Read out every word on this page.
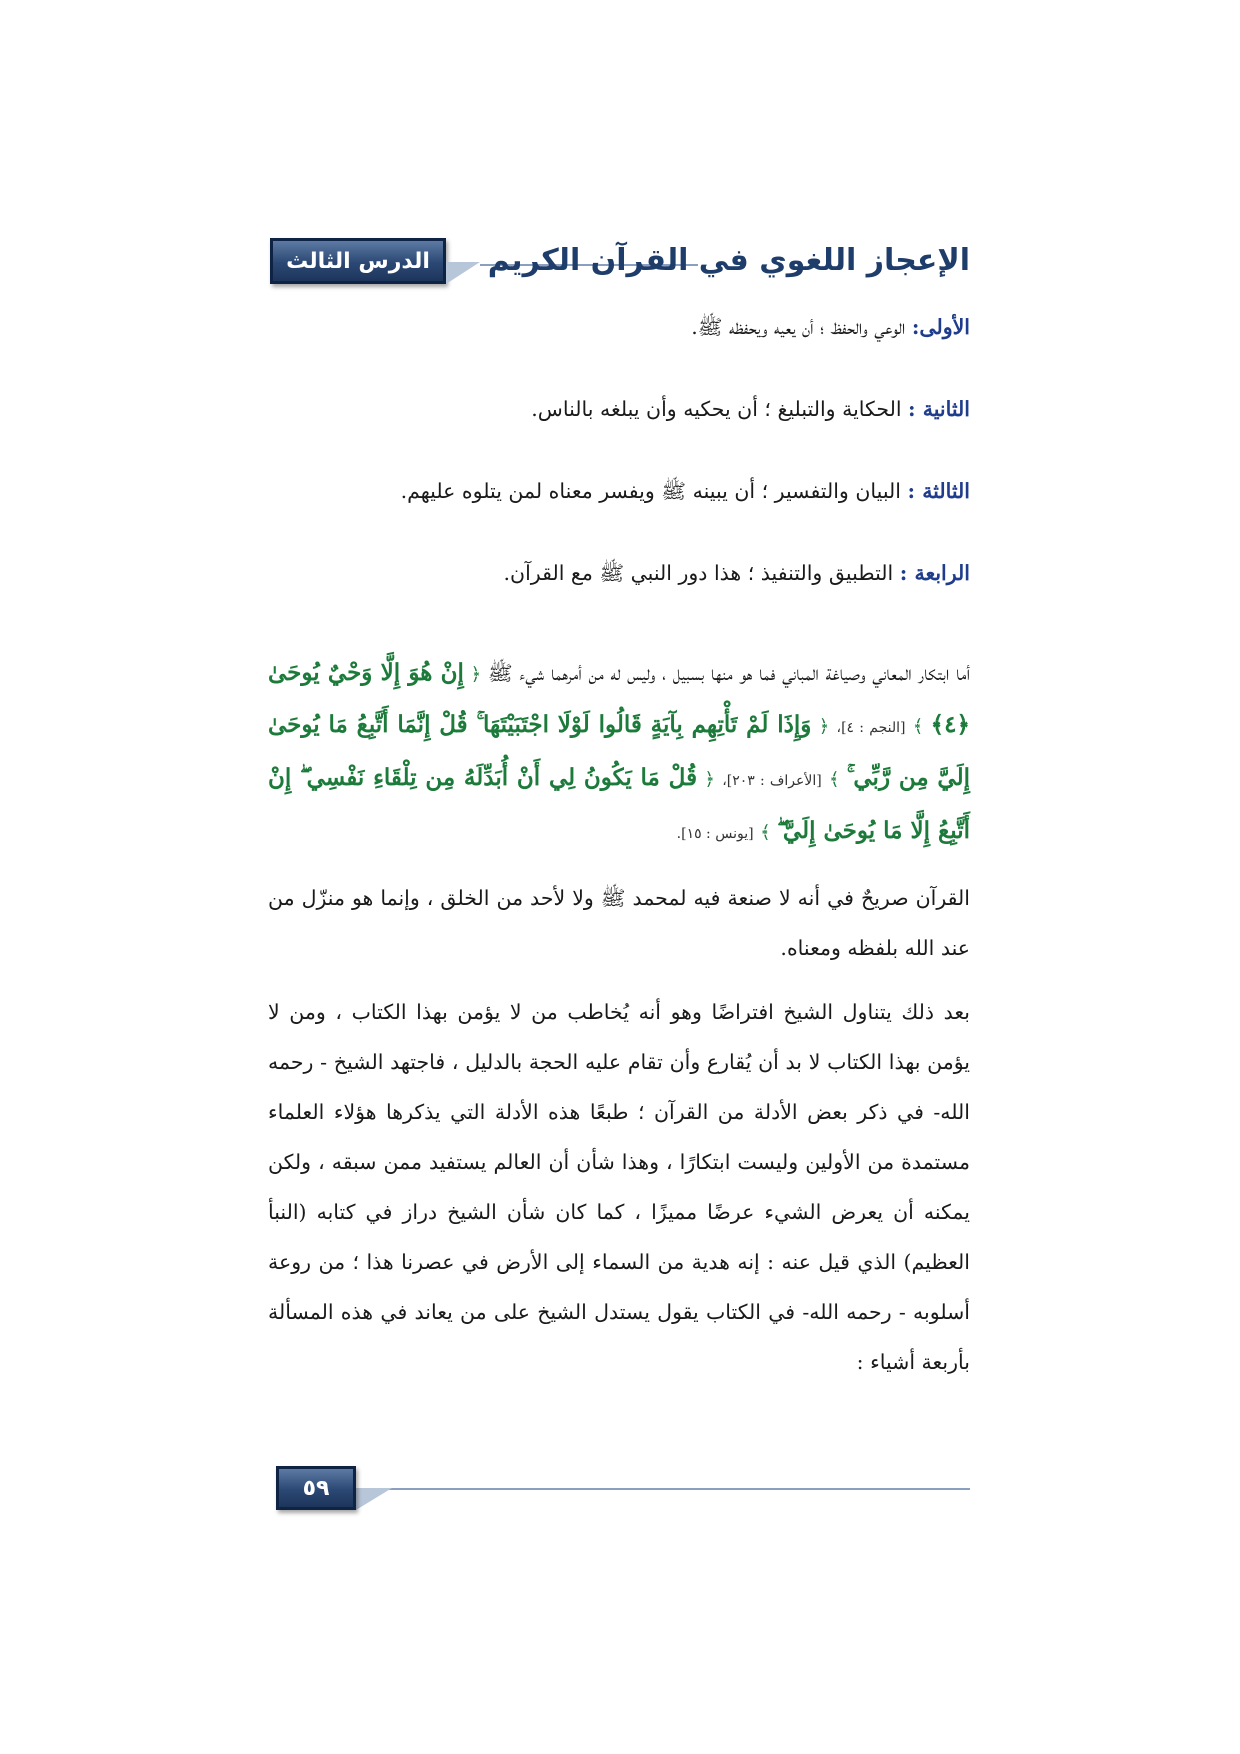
الدرس الثالث الإعجاز اللغوي في القرآن الكريم

الأولى: الوعي والحفظ ؛ أن يعيه ويحفظه ﷺ.

الثانية : الحكاية والتبليغ ؛ أن يحكيه وأن يبلغه بالناس.

الثالثة : البيان والتفسير ؛ أن يبينه ﷺ ويفسر معناه لمن يتلوه عليهم.

الرابعة : التطبيق والتنفيذ ؛ هذا دور النبي ﷺ مع القرآن.

أما ابتكار المعاني وصياغة المباني فما هو منها بسبيل ، وليس له من أمرهما شيء ﷺ ﴿ إِنْ هُوَ إِلَّا وَحْيٌ يُوحَىٰ ﴿٤﴾ ﴾ [النجم : ٤]، ﴿ وَإِذَا لَمْ تَأْتِهِم بِآيَةٍ قَالُوا لَوْلَا اجْتَبَيْتَهَا ۚ قُلْ إِنَّمَا أَتَّبِعُ مَا يُوحَىٰ إِلَيَّ مِن رَّبِّي ۚ ﴾ [الأعراف : ٢٠٣]، ﴿ قُلْ مَا يَكُونُ لِي أَنْ أُبَدِّلَهُ مِن تِلْقَاءِ نَفْسِي ۖ إِنْ أَتَّبِعُ إِلَّا مَا يُوحَىٰ إِلَيَّ ۖ ﴾ [يونس : ١٥].

القرآن صريحٌ في أنه لا صنعة فيه لمحمد ﷺ ولا لأحد من الخلق ، وإنما هو منزّل من عند الله بلفظه ومعناه.

بعد ذلك يتناول الشيخ افتراضًا وهو أنه يُخاطب من لا يؤمن بهذا الكتاب ، ومن لا يؤمن بهذا الكتاب لا بد أن يُقارع وأن تقام عليه الحجة بالدليل ، فاجتهد الشيخ - رحمه الله- في ذكر بعض الأدلة من القرآن ؛ طبعًا هذه الأدلة التي يذكرها هؤلاء العلماء مستمدة من الأولين وليست ابتكارًا ، وهذا شأن أن العالم يستفيد ممن سبقه ، ولكن يمكنه أن يعرض الشيء عرضًا مميزًا ، كما كان شأن الشيخ دراز في كتابه (النبأ العظيم) الذي قيل عنه : إنه هدية من السماء إلى الأرض في عصرنا هذا ؛ من روعة أسلوبه - رحمه الله- في الكتاب يقول يستدل الشيخ على من يعاند في هذه المسألة بأربعة أشياء :

٥٩
